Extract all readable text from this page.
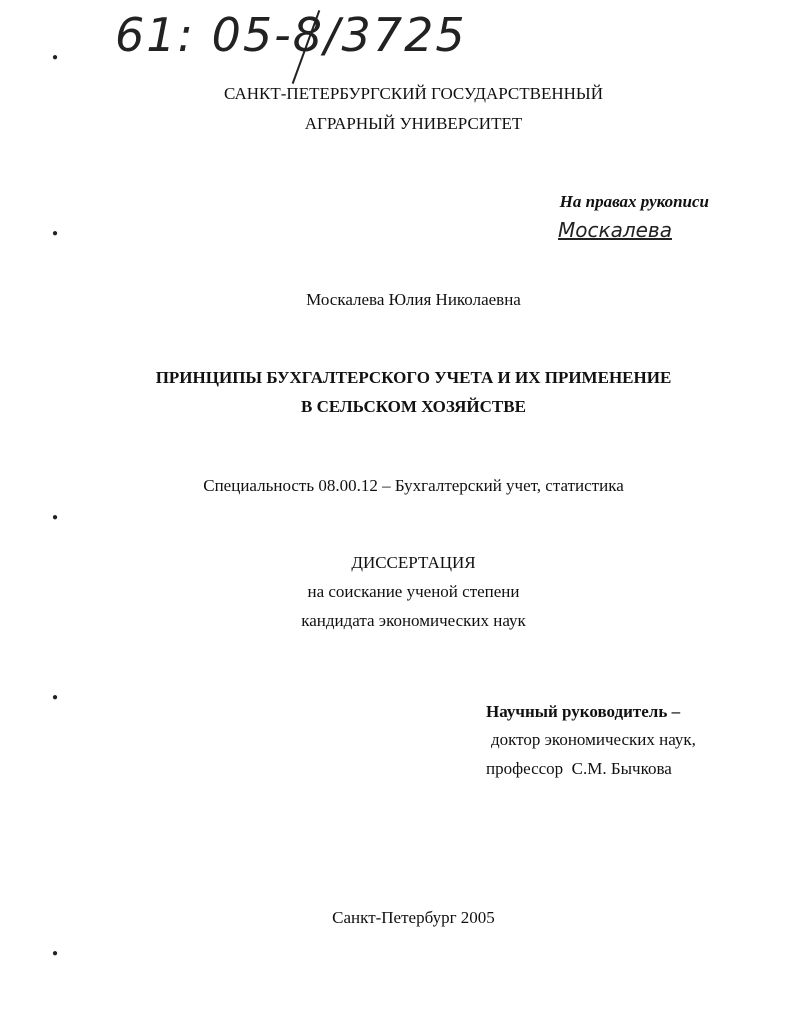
61: 05-8/3725
●
●
●
●
●
САНКТ-ПЕТЕРБУРГСКИЙ ГОСУДАРСТВЕННЫЙ
АГРАРНЫЙ УНИВЕРСИТЕТ
На правах рукописи
Москалева
Москалева Юлия Николаевна
ПРИНЦИПЫ БУХГАЛТЕРСКОГО УЧЕТА И ИХ ПРИМЕНЕНИЕ
В СЕЛЬСКОМ ХОЗЯЙСТВЕ
Специальность 08.00.12 – Бухгалтерский учет, статистика
ДИССЕРТАЦИЯ
на соискание ученой степени
кандидата экономических наук
Научный руководитель –
доктор экономических наук,
профессор  С.М. Бычкова
Санкт-Петербург 2005
